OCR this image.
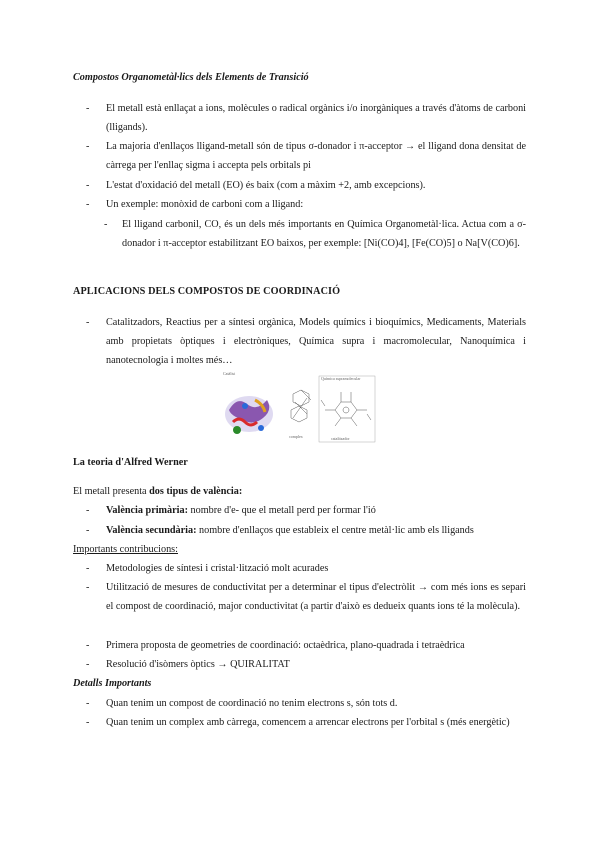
Compostos Organometàl·lics dels Elements de Transició
- El metall està enllaçat a ions, molècules o radical orgànics i/o inorgàniques a través d'àtoms de carboni (lligands).
- La majoria d'enllaços lligand-metall són de tipus σ-donador i π-acceptor → el lligand dona densitat de càrrega per l'enllaç sigma i accepta pels orbitals pi
- L'estat d'oxidació del metall (EO) és baix (com a màxim +2, amb excepcions).
- Un exemple: monòxid de carboni com a lligand:
- El lligand carbonil, CO, és un dels més importants en Química Organometàl·lica. Actua com a σ-donador i π-acceptor estabilitzant EO baixos, per exemple: [Ni(CO)4], [Fe(CO)5] o Na[V(CO)6].
APLICACIONS DELS COMPOSTOS DE COORDINACIÓ
- Catalitzadors, Reactius per a síntesi orgànica, Models químics i bioquímics, Medicaments, Materials amb propietats òptiques i electròniques, Química supra i macromolecular, Nanoquímica i nanotecnologia i moltes més…
Catàlisi
Química supramolecular
complex	catalitzador
La teoria d'Alfred Werner
El metall presenta dos tipus de valència:
- València primària: nombre d'e- que el metall perd per formar l'ió
- València secundària: nombre d'enllaços que estableix el centre metàl·lic amb els lligands
Importants contribucions:
- Metodologies de síntesi i cristal·lització molt acurades
- Utilització de mesures de conductivitat per a determinar el tipus d'electròlit → com més ions es separi el compost de coordinació, major conductivitat (a partir d'això es dedueix quants ions té la molècula).
- Primera proposta de geometries de coordinació: octaèdrica, plano-quadrada i tetraèdrica
- Resolució d'isòmers òptics → QUIRALITAT
Detalls Importants
- Quan tenim un compost de coordinació no tenim electrons s, són tots d.
- Quan tenim un complex amb càrrega, comencem a arrencar electrons per l'orbital s (més energètic)
